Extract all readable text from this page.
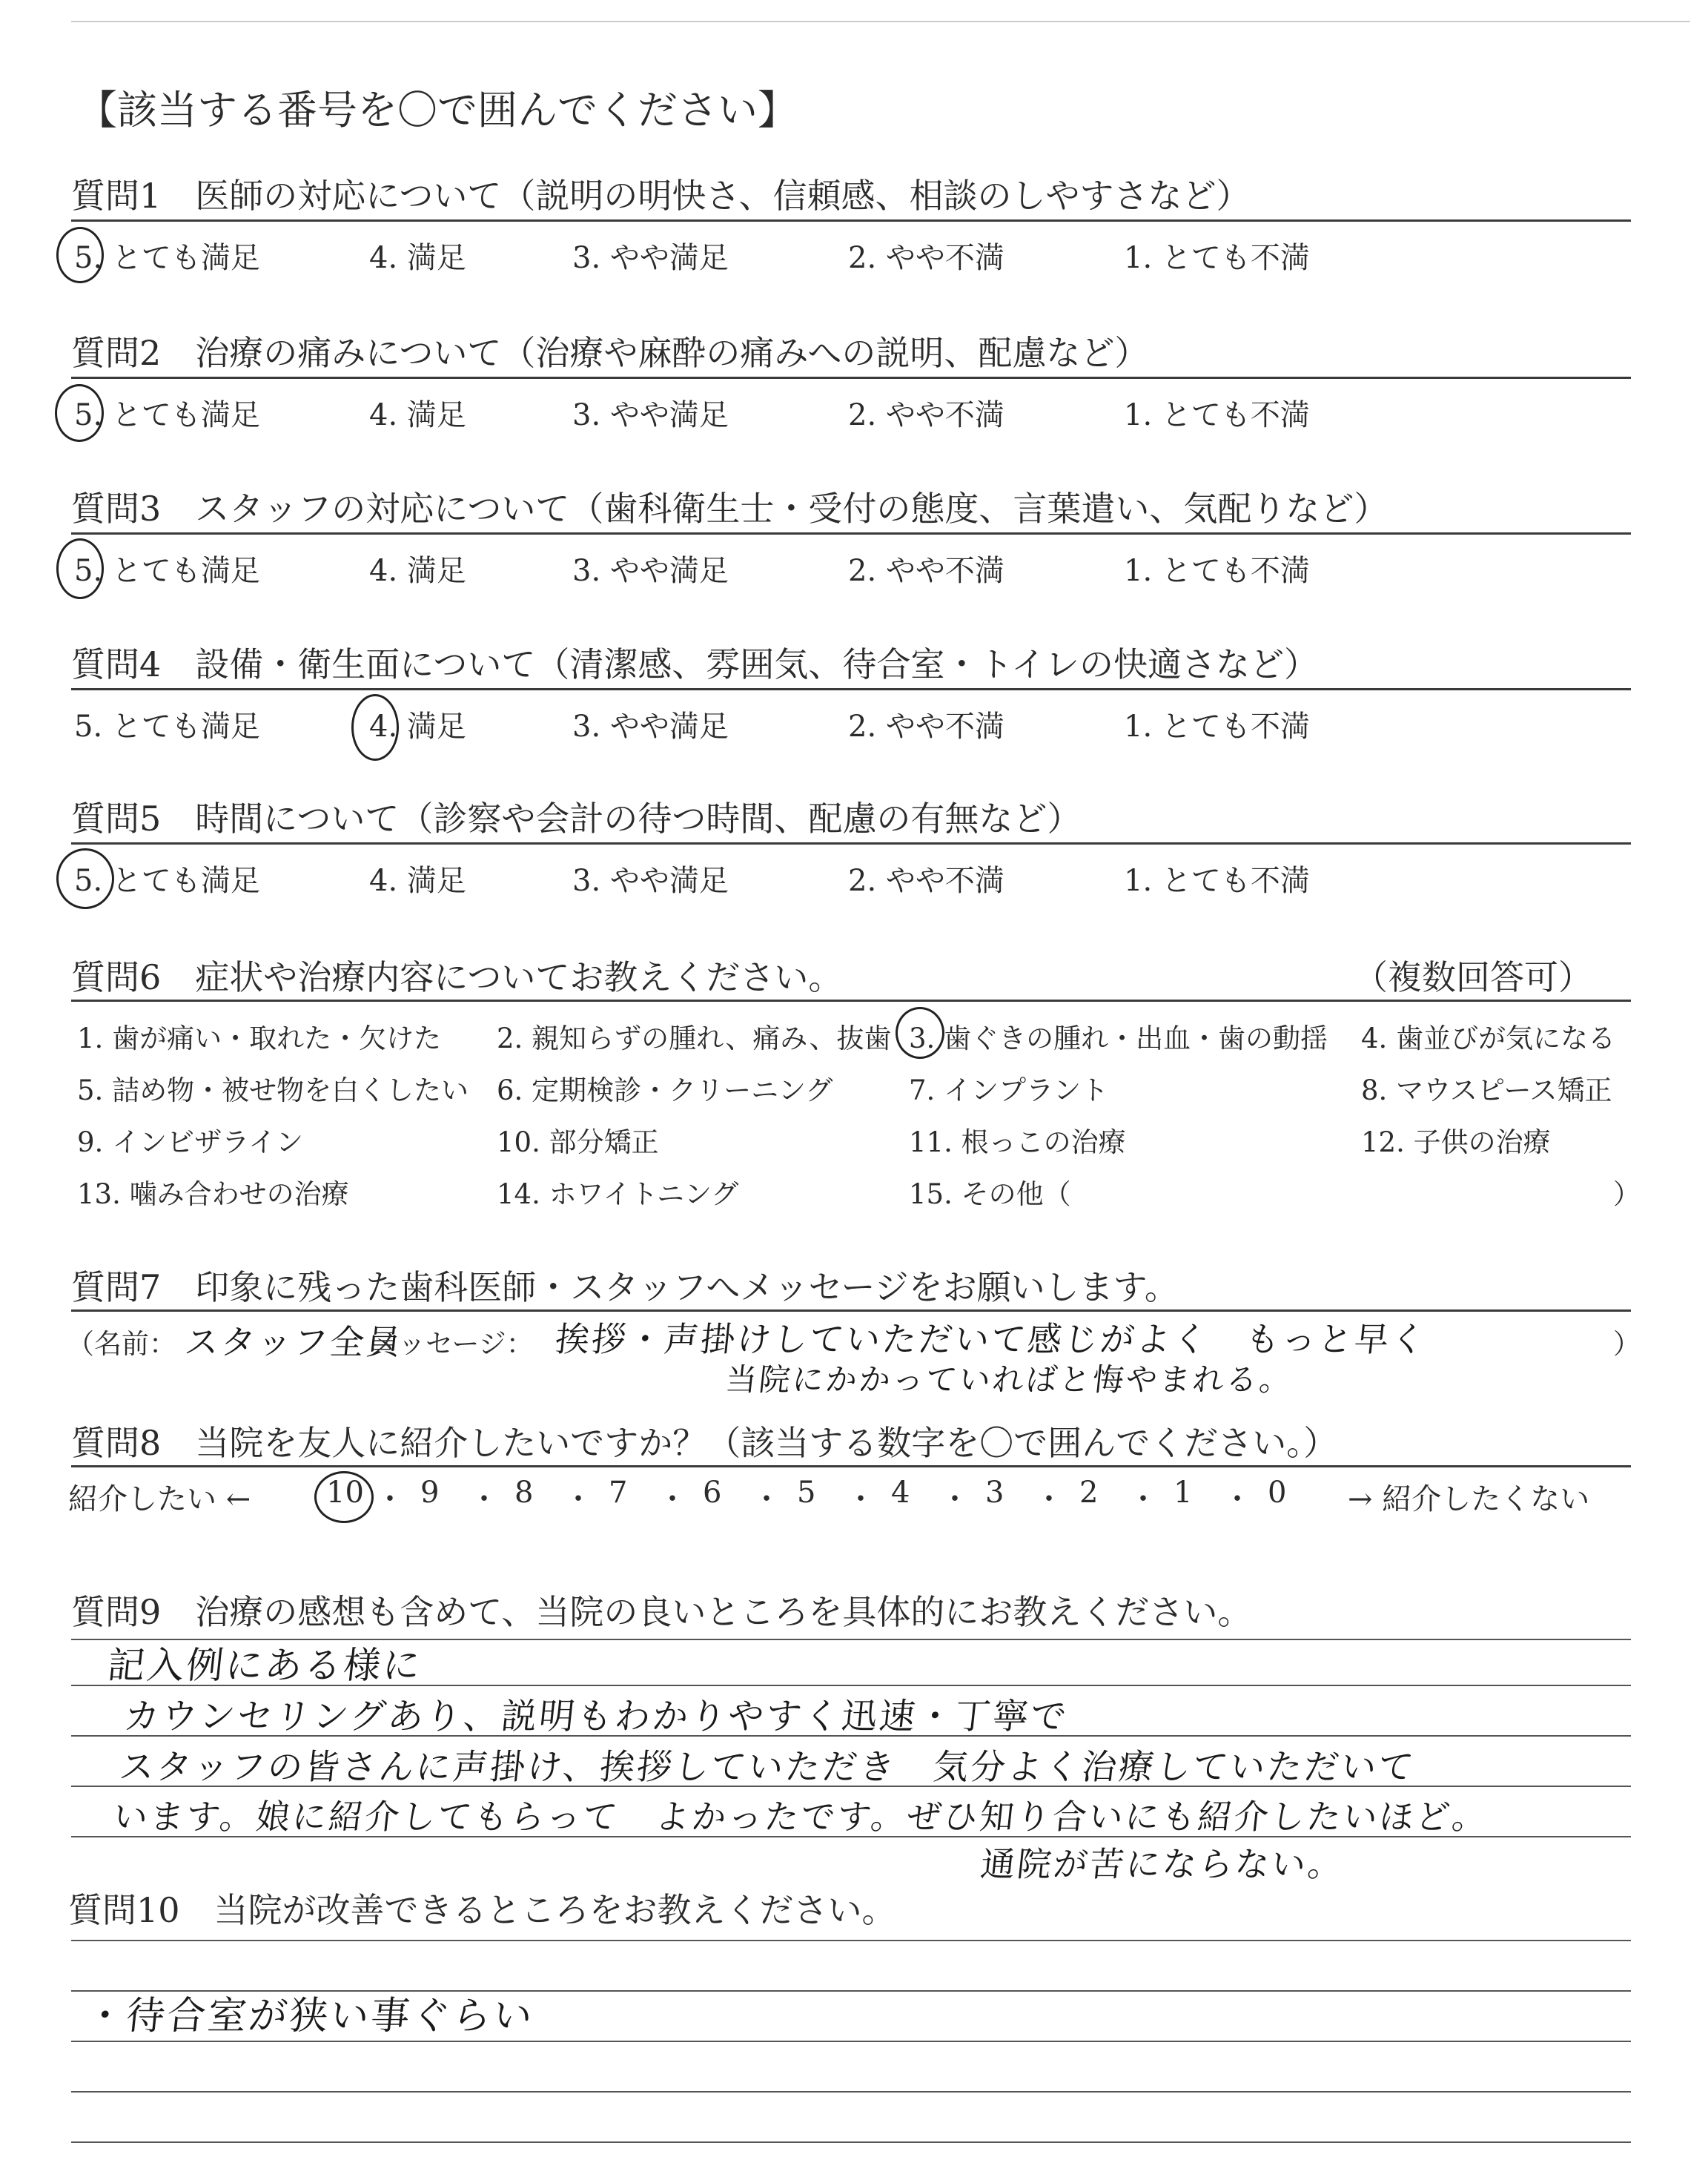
【該当する番号を〇で囲んでください】
質問1　医師の対応について（説明の明快さ、信頼感、相談のしやすさなど）
5. とても満足	4. 満足	3. やや満足	2. やや不満	1. とても不満
質問2　治療の痛みについて（治療や麻酔の痛みへの説明、配慮など）
5. とても満足	4. 満足	3. やや満足	2. やや不満	1. とても不満
質問3　スタッフの対応について（歯科衛生士・受付の態度、言葉遣い、気配りなど）
5. とても満足	4. 満足	3. やや満足	2. やや不満	1. とても不満
質問4　設備・衛生面について（清潔感、雰囲気、待合室・トイレの快適さなど）
5. とても満足	4. 満足	3. やや満足	2. やや不満	1. とても不満
質問5　時間について（診察や会計の待つ時間、配慮の有無など）
5. とても満足	4. 満足	3. やや満足	2. やや不満	1. とても不満
質問6　症状や治療内容についてお教えください。	（複数回答可）
1. 歯が痛い・取れた・欠けた 2. 親知らずの腫れ、痛み、抜歯 3. 歯ぐきの腫れ・出血・歯の動揺 4. 歯並びが気になる
5. 詰め物・被せ物を白くしたい 6. 定期検診・クリーニング	7. インプラント	8. マウスピース矯正
9. インビザライン	10. 部分矯正	11. 根っこの治療	12. 子供の治療
13. 噛み合わせの治療	14. ホワイトニング	15. その他（	）
質問7　印象に残った歯科医師・スタッフへメッセージをお願いします。
（名前： スタッフ全員
メッセージ： 挨拶・声掛けしていただいて感じがよく　もっと早く
当院にかかっていればと悔やまれる。
）
質問8　当院を友人に紹介したいですか？（該当する数字を〇で囲んでください。）
紹介したい ←	→ 紹介したくない
10 ・ 9 ・ 8 ・ 7 ・ 6 ・ 5 ・ 4 ・ 3 ・ 2 ・ 1 ・ 0
質問9　治療の感想も含めて、当院の良いところを具体的にお教えください。
記入例にある様に
カウンセリングあり、説明もわかりやすく迅速・丁寧で
スタッフの皆さんに声掛け、挨拶していただき　気分よく治療していただいて
います。娘に紹介してもらって　よかったです。ぜひ知り合いにも紹介したいほど。
通院が苦にならない。
質問10　当院が改善できるところをお教えください。
・待合室が狭い事ぐらい
